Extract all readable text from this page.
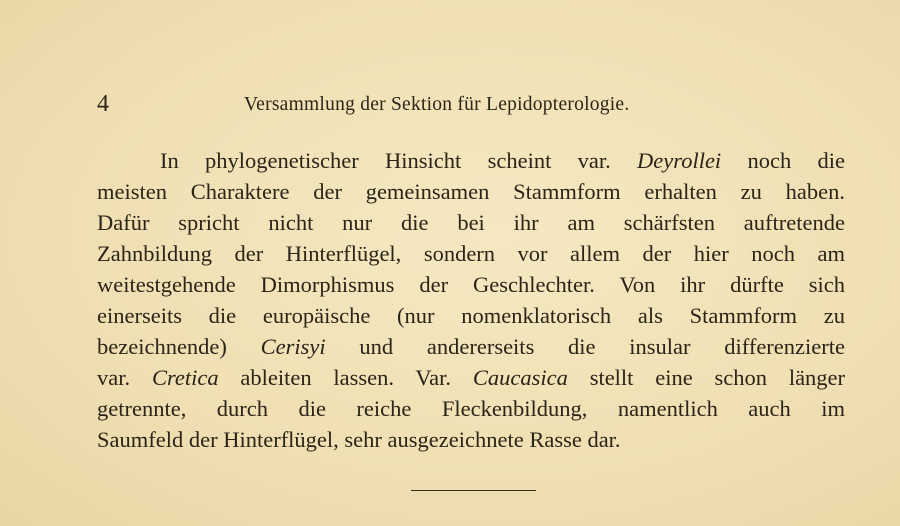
4	Versammlung der Sektion für Lepidopterologie.
In phylogenetischer Hinsicht scheint var. Deyrollei noch die
meisten Charaktere der gemeinsamen Stammform erhalten zu haben.
Dafür spricht nicht nur die bei ihr am schärfsten auftretende
Zahnbildung der Hinterflügel, sondern vor allem der hier noch am
weitestgehende Dimorphismus der Geschlechter. Von ihr dürfte sich
einerseits die europäische (nur nomenklatorisch als Stammform zu
bezeichnende) Cerisyi und andererseits die insular differenzierte
var. Cretica ableiten lassen. Var. Caucasica stellt eine schon länger
getrennte, durch die reiche Fleckenbildung, namentlich auch im
Saumfeld der Hinterflügel, sehr ausgezeichnete Rasse dar.
